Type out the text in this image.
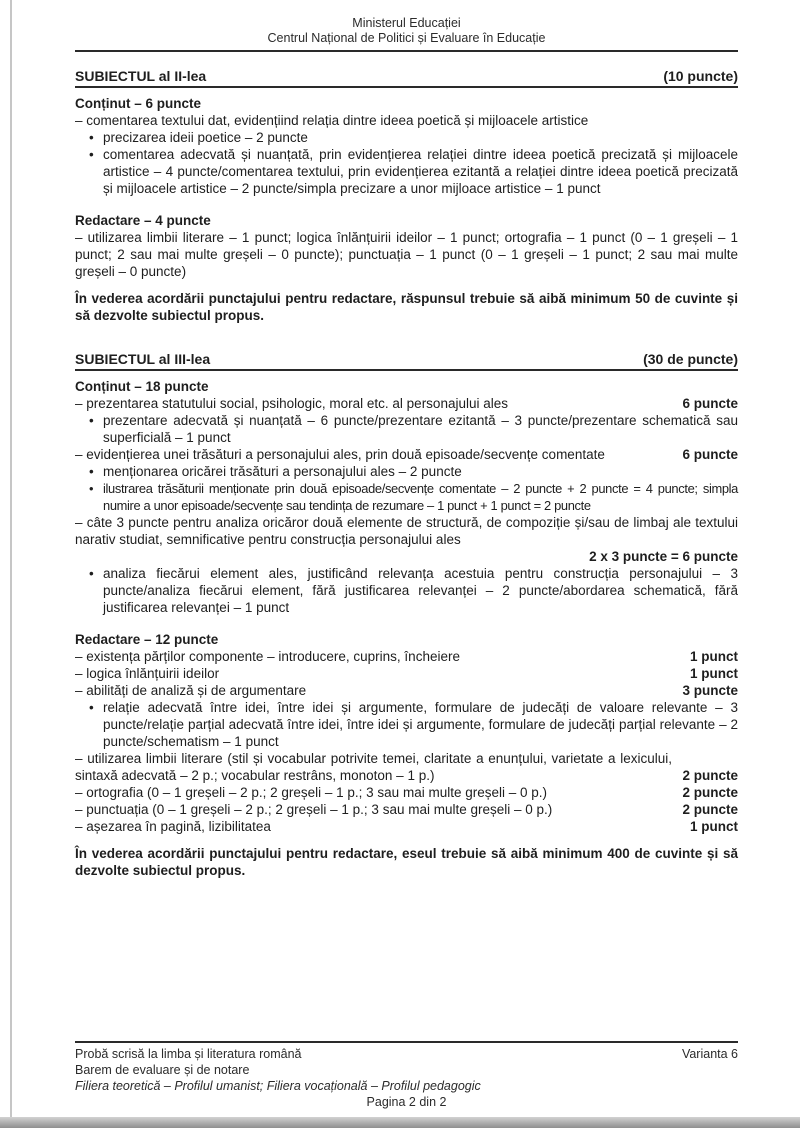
Ministerul Educației
Centrul Național de Politici și Evaluare în Educație
SUBIECTUL al II-lea	(10 puncte)
Conținut – 6 puncte
– comentarea textului dat, evidențiind relația dintre ideea poetică și mijloacele artistice
• precizarea ideii poetice – 2 puncte
• comentarea adecvată și nuanțată, prin evidențierea relației dintre ideea poetică precizată și mijloacele artistice – 4 puncte/comentarea textului, prin evidențierea ezitantă a relației dintre ideea poetică precizată și mijloacele artistice – 2 puncte/simpla precizare a unor mijloace artistice – 1 punct
Redactare – 4 puncte
– utilizarea limbii literare – 1 punct; logica înlănțuirii ideilor – 1 punct; ortografia – 1 punct (0 – 1 greșeli – 1 punct; 2 sau mai multe greșeli – 0 puncte); punctuația – 1 punct (0 – 1 greșeli – 1 punct; 2 sau mai multe greșeli – 0 puncte)
În vederea acordării punctajului pentru redactare, răspunsul trebuie să aibă minimum 50 de cuvinte și să dezvolte subiectul propus.
SUBIECTUL al III-lea	(30 de puncte)
Conținut – 18 puncte
– prezentarea statutului social, psihologic, moral etc. al personajului ales	6 puncte
• prezentare adecvată și nuanțată – 6 puncte/prezentare ezitantă – 3 puncte/prezentare schematică sau superficială – 1 punct
– evidențierea unei trăsături a personajului ales, prin două episoade/secvențe comentate	6 puncte
• menționarea oricărei trăsături a personajului ales – 2 puncte
• ilustrarea trăsăturii menționate prin două episoade/secvențe comentate – 2 puncte + 2 puncte = 4 puncte; simpla numire a unor episoade/secvențe sau tendința de rezumare – 1 punct + 1 punct = 2 puncte
– câte 3 puncte pentru analiza oricăror două elemente de structură, de compoziție și/sau de limbaj ale textului narativ studiat, semnificative pentru construcția personajului ales
2 x 3 puncte = 6 puncte
• analiza fiecărui element ales, justificând relevanța acestuia pentru construcția personajului – 3 puncte/analiza fiecărui element, fără justificarea relevanței – 2 puncte/abordarea schematică, fără justificarea relevanței – 1 punct
Redactare – 12 puncte
– existența părților componente – introducere, cuprins, încheiere	1 punct
– logica înlănțuirii ideilor	1 punct
– abilități de analiză și de argumentare	3 puncte
• relație adecvată între idei, între idei și argumente, formulare de judecăți de valoare relevante – 3 puncte/relație parțial adecvată între idei, între idei și argumente, formulare de judecăți parțial relevante – 2 puncte/schematism – 1 punct
– utilizarea limbii literare (stil și vocabular potrivite temei, claritate a enunțului, varietate a lexicului, sintaxă adecvată – 2 p.; vocabular restrâns, monoton – 1 p.)	2 puncte
– ortografia (0 – 1 greșeli – 2 p.; 2 greșeli – 1 p.; 3 sau mai multe greșeli – 0 p.)	2 puncte
– punctuația (0 – 1 greșeli – 2 p.; 2 greșeli – 1 p.; 3 sau mai multe greșeli – 0 p.)	2 puncte
– așezarea în pagină, lizibilitatea	1 punct
În vederea acordării punctajului pentru redactare, eseul trebuie să aibă minimum 400 de cuvinte și să dezvolte subiectul propus.
Probă scrisă la limba și literatura română	Varianta 6
Barem de evaluare și de notare
Filiera teoretică – Profilul umanist; Filiera vocațională – Profilul pedagogic
Pagina 2 din 2
